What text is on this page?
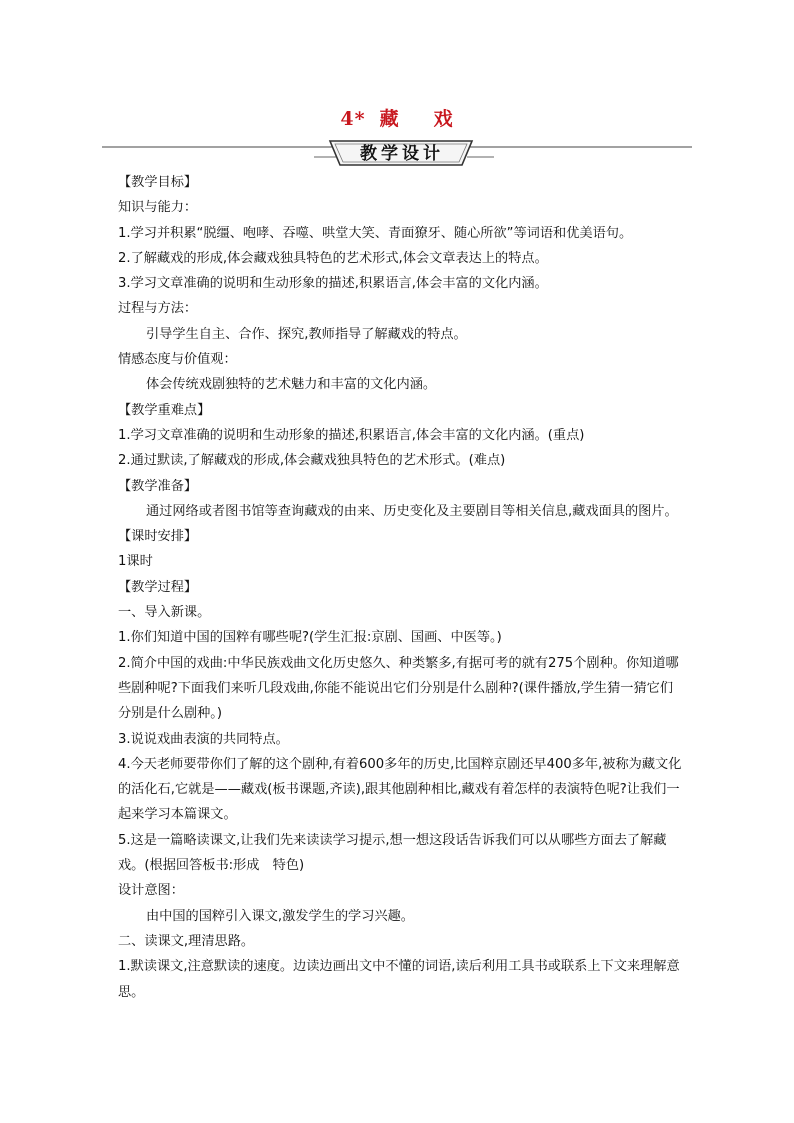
4* 藏 戏
教学设计

【教学目标】

知识与能力：

1.学习并积累“脱缰、咆哮、吞噬、哄堂大笑、青面獠牙、随心所欲”等词语和优美语句。

2.了解藏戏的形成,体会藏戏独具特色的艺术形式,体会文章表达上的特点。

3.学习文章准确的说明和生动形象的描述,积累语言,体会丰富的文化内涵。

过程与方法：

引导学生自主、合作、探究,教师指导了解藏戏的特点。

情感态度与价值观：

体会传统戏剧独特的艺术魅力和丰富的文化内涵。

【教学重难点】

1.学习文章准确的说明和生动形象的描述,积累语言,体会丰富的文化内涵。(重点)

2.通过默读,了解藏戏的形成,体会藏戏独具特色的艺术形式。(难点)

【教学准备】

通过网络或者图书馆等查询藏戏的由来、历史变化及主要剧目等相关信息,藏戏面具的图片。

【课时安排】

1课时

【教学过程】

一、导入新课。

1.你们知道中国的国粹有哪些呢?(学生汇报:京剧、国画、中医等。)

2.简介中国的戏曲:中华民族戏曲文化历史悠久、种类繁多,有据可考的就有275个剧种。你知道哪些剧种呢?下面我们来听几段戏曲,你能不能说出它们分别是什么剧种?(课件播放,学生猜一猜它们分别是什么剧种。)

3.说说戏曲表演的共同特点。

4.今天老师要带你们了解的这个剧种,有着600多年的历史,比国粹京剧还早400多年,被称为藏文化的活化石,它就是——藏戏(板书课题,齐读),跟其他剧种相比,藏戏有着怎样的表演特色呢?让我们一起来学习本篇课文。

5.这是一篇略读课文,让我们先来读读学习提示,想一想这段话告诉我们可以从哪些方面去了解藏戏。(根据回答板书:形成　特色)

设计意图：

由中国的国粹引入课文,激发学生的学习兴趣。

二、读课文,理清思路。

1.默读课文,注意默读的速度。边读边画出文中不懂的词语,读后利用工具书或联系上下文来理解意思。
